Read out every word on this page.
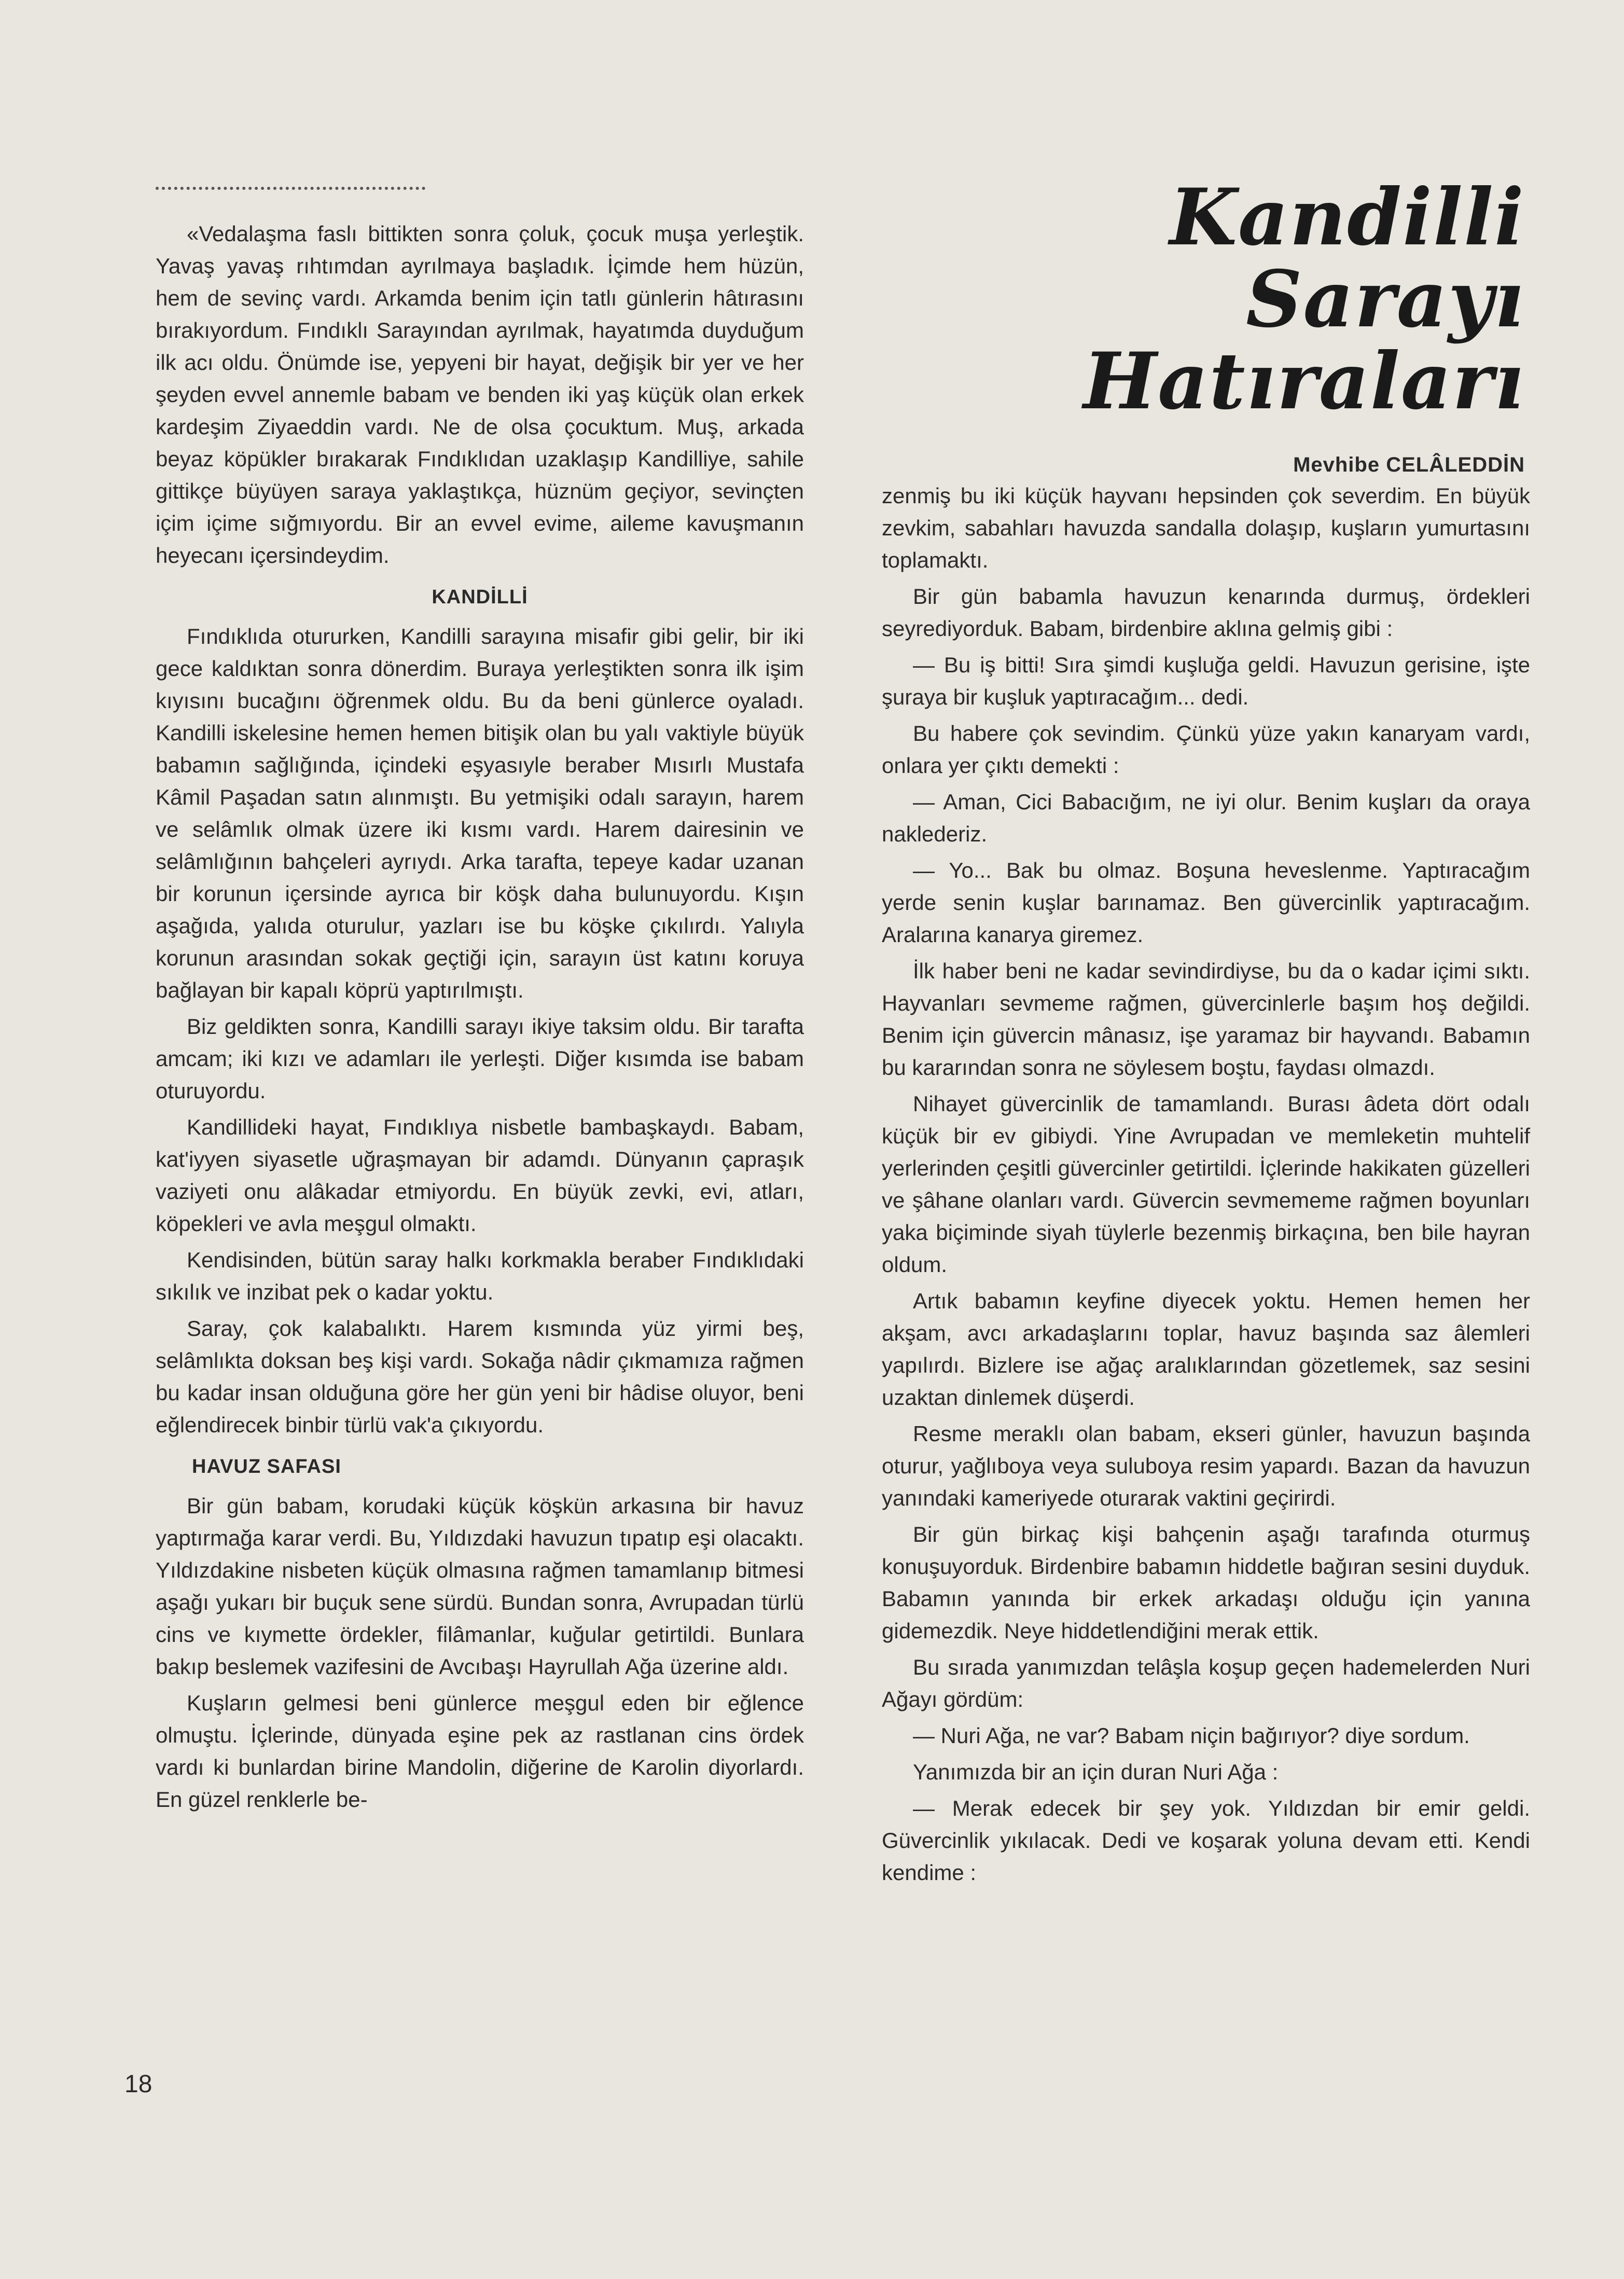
Kandilli
Sarayı
Hatıraları
Mevhibe CELÂLEDDİN

«Vedalaşma faslı bittikten sonra çoluk, çocuk muşa yerleştik. Yavaş yavaş rıhtımdan ayrılmaya başladık. İçimde hem hüzün, hem de sevinç vardı. Arkamda benim için tatlı günlerin hâtırasını bırakıyordum. Fındıklı Sarayından ayrılmak, hayatımda duyduğum ilk acı oldu. Önümde ise, yepyeni bir hayat, değişik bir yer ve her şeyden evvel annemle babam ve benden iki yaş küçük olan erkek kardeşim Ziyaeddin vardı. Ne de olsa çocuktum. Muş, arkada beyaz köpükler bırakarak Fındıklıdan uzaklaşıp Kandilliye, sahile gittikçe büyüyen saraya yaklaştıkça, hüznüm geçiyor, sevinçten içim içime sığmıyordu. Bir an evvel evime, aileme kavuşmanın heyecanı içersindeydim.

KANDİLLİ

Fındıklıda otururken, Kandilli sarayına misafir gibi gelir, bir iki gece kaldıktan sonra dönerdim. Buraya yerleştikten sonra ilk işim kıyısını bucağını öğrenmek oldu. Bu da beni günlerce oyaladı. Kandilli iskelesine hemen hemen bitişik olan bu yalı vaktiyle büyük babamın sağlığında, içindeki eşyasıyle beraber Mısırlı Mustafa Kâmil Paşadan satın alınmıştı. Bu yetmişiki odalı sarayın, harem ve selâmlık olmak üzere iki kısmı vardı. Harem dairesinin ve selâmlığının bahçeleri ayrıydı. Arka tarafta, tepeye kadar uzanan bir korunun içersinde ayrıca bir köşk daha bulunuyordu. Kışın aşağıda, yalıda oturulur, yazları ise bu köşke çıkılırdı. Yalıyla korunun arasından sokak geçtiği için, sarayın üst katını koruya bağlayan bir kapalı köprü yaptırılmıştı.

Biz geldikten sonra, Kandilli sarayı ikiye taksim oldu. Bir tarafta amcam; iki kızı ve adamları ile yerleşti. Diğer kısımda ise babam oturuyordu.

Kandillideki hayat, Fındıklıya nisbetle bambaşkaydı. Babam, kat'iyyen siyasetle uğraşmayan bir adamdı. Dünyanın çapraşık vaziyeti onu alâkadar etmiyordu. En büyük zevki, evi, atları, köpekleri ve avla meşgul olmaktı.

Kendisinden, bütün saray halkı korkmakla beraber Fındıklıdaki sıkılık ve inzibat pek o kadar yoktu.

Saray, çok kalabalıktı. Harem kısmında yüz yirmi beş, selâmlıkta doksan beş kişi vardı. Sokağa nâdir çıkmamıza rağmen bu kadar insan olduğuna göre her gün yeni bir hâdise oluyor, beni eğlendirecek binbir türlü vak'a çıkıyordu.

HAVUZ SAFASI

Bir gün babam, korudaki küçük köşkün arkasına bir havuz yaptırmağa karar verdi. Bu, Yıldızdaki havuzun tıpatıp eşi olacaktı. Yıldızdakine nisbeten küçük olmasına rağmen tamamlanıp bitmesi aşağı yukarı bir buçuk sene sürdü. Bundan sonra, Avrupadan türlü cins ve kıymette ördekler, filâmanlar, kuğular getirtildi. Bunlara bakıp beslemek vazifesini de Avcıbaşı Hayrullah Ağa üzerine aldı.

Kuşların gelmesi beni günlerce meşgul eden bir eğlence olmuştu. İçlerinde, dünyada eşine pek az rastlanan cins ördek vardı ki bunlardan birine Mandolin, diğerine de Karolin diyorlardı. En güzel renklerle be-

zenmiş bu iki küçük hayvanı hepsinden çok severdim. En büyük zevkim, sabahları havuzda sandalla dolaşıp, kuşların yumurtasını toplamaktı.

Bir gün babamla havuzun kenarında durmuş, ördekleri seyrediyorduk. Babam, birdenbire aklına gelmiş gibi :

— Bu iş bitti! Sıra şimdi kuşluğa geldi. Havuzun gerisine, işte şuraya bir kuşluk yaptıracağım... dedi.

Bu habere çok sevindim. Çünkü yüze yakın kanaryam vardı, onlara yer çıktı demekti :

— Aman, Cici Babacığım, ne iyi olur. Benim kuşları da oraya naklederiz.

— Yo... Bak bu olmaz. Boşuna heveslenme. Yaptıracağım yerde senin kuşlar barınamaz. Ben güvercinlik yaptıracağım. Aralarına kanarya giremez.

İlk haber beni ne kadar sevindirdiyse, bu da o kadar içimi sıktı. Hayvanları sevmeme rağmen, güvercinlerle başım hoş değildi. Benim için güvercin mânasız, işe yaramaz bir hayvandı. Babamın bu kararından sonra ne söylesem boştu, faydası olmazdı.

Nihayet güvercinlik de tamamlandı. Burası âdeta dört odalı küçük bir ev gibiydi. Yine Avrupadan ve memleketin muhtelif yerlerinden çeşitli güvercinler getirtildi. İçlerinde hakikaten güzelleri ve şâhane olanları vardı. Güvercin sevmememe rağmen boyunları yaka biçiminde siyah tüylerle bezenmiş birkaçına, ben bile hayran oldum.

Artık babamın keyfine diyecek yoktu. Hemen hemen her akşam, avcı arkadaşlarını toplar, havuz başında saz âlemleri yapılırdı. Bizlere ise ağaç aralıklarından gözetlemek, saz sesini uzaktan dinlemek düşerdi.

Resme meraklı olan babam, ekseri günler, havuzun başında oturur, yağlıboya veya suluboya resim yapardı. Bazan da havuzun yanındaki kameriyede oturarak vaktini geçirirdi.

Bir gün birkaç kişi bahçenin aşağı tarafında oturmuş konuşuyorduk. Birdenbire babamın hiddetle bağıran sesini duyduk. Babamın yanında bir erkek arkadaşı olduğu için yanına gidemezdik. Neye hiddetlendiğini merak ettik.

Bu sırada yanımızdan telâşla koşup geçen hademelerden Nuri Ağayı gördüm:

— Nuri Ağa, ne var? Babam niçin bağırıyor? diye sordum.

Yanımızda bir an için duran Nuri Ağa :

— Merak edecek bir şey yok. Yıldızdan bir emir geldi. Güvercinlik yıkılacak. Dedi ve koşarak yoluna devam etti. Kendi kendime :

18
